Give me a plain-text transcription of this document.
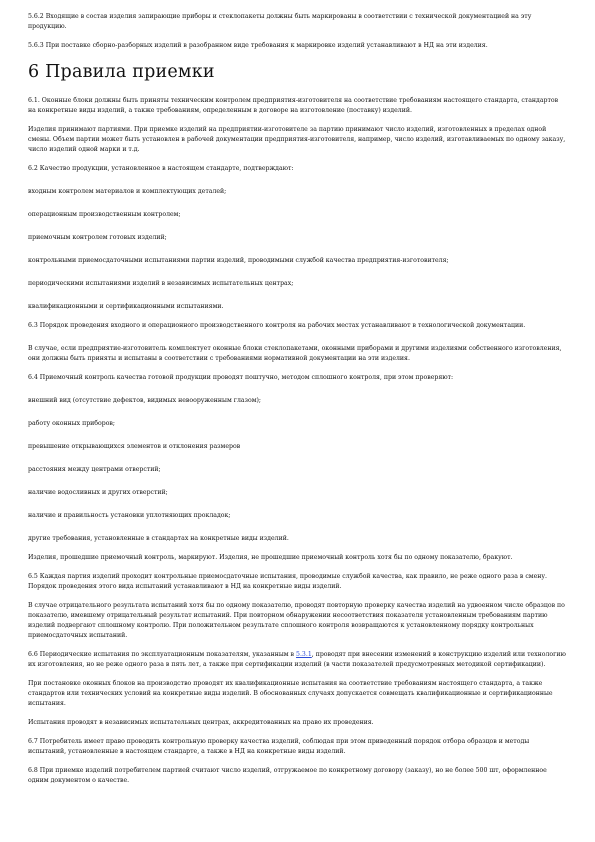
5.6.2 Входящие в состав изделия запирающие приборы и стеклопакеты должны быть маркированы в соответствии с технической документацией на эту продукцию.

5.6.3 При поставке сборно-разборных изделий в разобранном виде требования к маркировке изделий устанавливают в НД на эти изделия.

6 Правила приемки

6.1. Оконные блоки должны быть приняты техническим контролем предприятия-изготовителя на соответствие требованиям настоящего стандарта, стандартов на конкретные виды изделий, а также требованиям, определенным в договоре на изготовление (поставку) изделий.

Изделия принимают партиями. При приемке изделий на предприятии-изготовителе за партию принимают число изделий, изготовленных в пределах одной смены. Объем партии может быть установлен в рабочей документации предприятия-изготовителя, например, число изделий, изготавливаемых по одному заказу, число изделий одной марки и т.д.

6.2 Качество продукции, установленное в настоящем стандарте, подтверждают:

входным контролем материалов и комплектующих деталей;

операционным производственным контролем;

приемочным контролем готовых изделий;

контрольными приемосдаточными испытаниями партии изделий, проводимыми службой качества предприятия-изготовителя;

периодическими испытаниями изделий в независимых испытательных центрах;

квалификационными и сертификационными испытаниями.

6.3 Порядок проведения входного и операционного производственного контроля на рабочих местах устанавливают в технологической документации.

В случае, если предприятие-изготовитель комплектует оконные блоки стеклопакетами, оконными приборами и другими изделиями собственного изготовления, они должны быть приняты и испытаны в соответствии с требованиями нормативной документации на эти изделия.

6.4 Приемочный контроль качества готовой продукции проводят поштучно, методом сплошного контроля, при этом проверяют:

внешний вид (отсутствие дефектов, видимых невооруженным глазом);

работу оконных приборов;

превышение открывающихся элементов и отклонения размеров

расстояния между центрами отверстий;

наличие водосливных и других отверстий;

наличие и правильность установки уплотняющих прокладок;

другие требования, установленные в стандартах на конкретные виды изделий.

Изделия, прошедшие приемочный контроль, маркируют. Изделия, не прошедшие приемочный контроль хотя бы по одному показателю, бракуют.

6.5 Каждая партия изделий проходит контрольные приемосдаточные испытания, проводимые службой качества, как правило, не реже одного раза в смену. Порядок проведения этого вида испытаний устанавливают в НД на конкретные виды изделий.

В случае отрицательного результата испытаний хотя бы по одному показателю, проводят повторную проверку качества изделий на удвоенном числе образцов по показателю, имевшему отрицательный результат испытаний. При повторном обнаружении несоответствия показателя установленным требованиям партию изделий подвергают сплошному контролю. При положительном результате сплошного контроля возвращаются к установленному порядку контрольных приемосдаточных испытаний.

6.6 Периодические испытания по эксплуатационным показателям, указанным в 5.3.1, проводят при внесении изменений в конструкцию изделий или технологию их изготовления, но не реже одного раза в пять лет, а также при сертификации изделий (в части показателей предусмотренных методикой сертификации).

При постановке оконных блоков на производство проводят их квалификационные испытания на соответствие требованиям настоящего стандарта, а также стандартов или технических условий на конкретные виды изделий. В обоснованных случаях допускается совмещать квалификационные и сертификационные испытания.

Испытания проводят в независимых испытательных центрах, аккредитованных на право их проведения.

6.7 Потребитель имеет право проводить контрольную проверку качества изделий, соблюдая при этом приведенный порядок отбора образцов и методы испытаний, установленные в настоящем стандарте, а также в НД на конкретные виды изделий.

6.8 При приемке изделий потребителем партией считают число изделий, отгружаемое по конкретному договору (заказу), но не более 500 шт, оформленное одним документом о качестве.
